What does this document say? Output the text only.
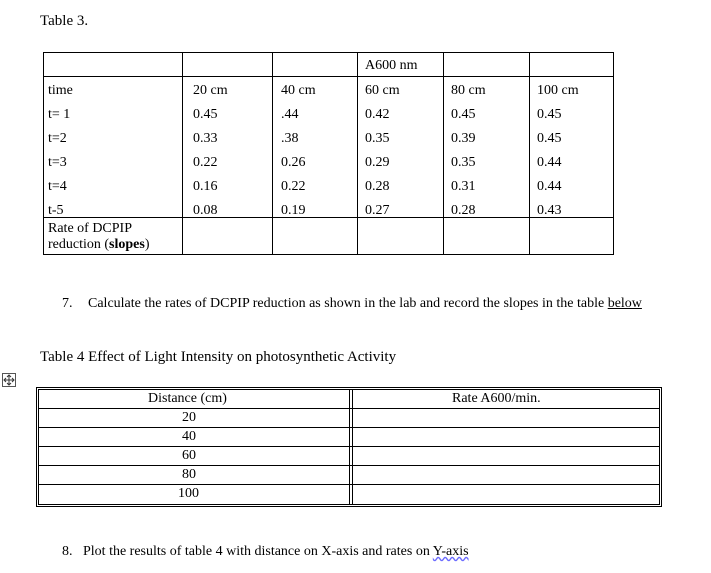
Table 3.
A600 nm
time	20 cm	40 cm	60 cm	80 cm	100 cm
t= 1	0.45	.44	0.42	0.45	0.45
t=2	0.33	.38	0.35	0.39	0.45
t=3	0.22	0.26	0.29	0.35	0.44
t=4	0.16	0.22	0.28	0.31	0.44
t-5	0.08	0.19	0.27	0.28	0.43
Rate of DCPIP
reduction (slopes)
7. Calculate the rates of DCPIP reduction as shown in the lab and record the slopes in the table below
Table 4 Effect of Light Intensity on photosynthetic Activity
Distance (cm)	Rate A600/min.
20
40
60
80
100
8. Plot the results of table 4 with distance on X-axis and rates on Y-axis
